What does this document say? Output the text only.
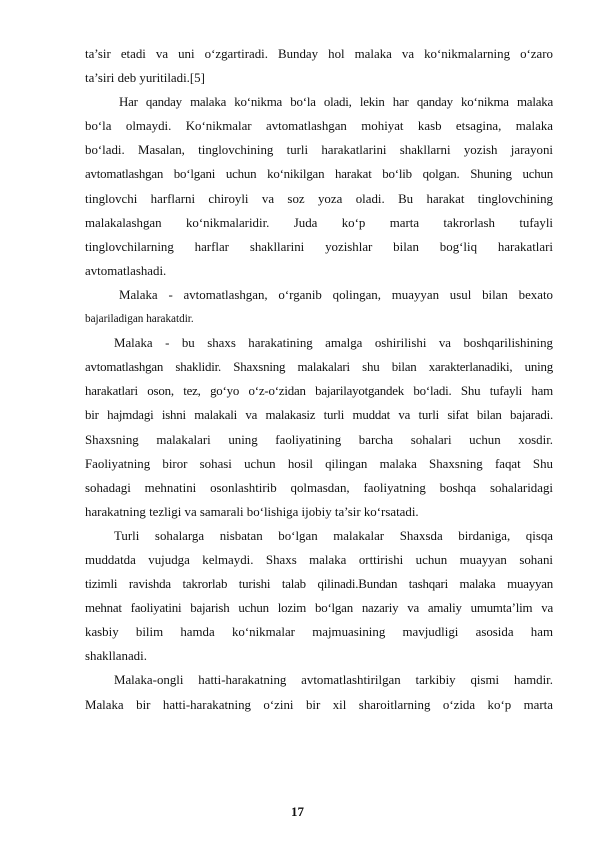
ta’sir etadi va uni o‘zgartiradi. Bunday hol malaka va ko‘nikmalarning o‘zaro
ta’siri deb yuritiladi.[5]
Har qanday malaka ko‘nikma bo‘la oladi, lekin har qanday ko‘nikma malaka
bo‘la olmaydi. Ko‘nikmalar avtomatlashgan mohiyat kasb etsagina, malaka
bo‘ladi. Masalan, tinglovchining turli harakatlarini shakllarni yozish jarayoni
avtomatlashgan bo‘lgani uchun ko‘nikilgan harakat bo‘lib qolgan. Shuning uchun
tinglovchi harflarni chiroyli va soz yoza oladi. Bu harakat tinglovchining
malakalashgan ko‘nikmalaridir. Juda ko‘p marta takrorlash tufayli
tinglovchilarning harflar shakllarini yozishlar bilan bog‘liq harakatlari
avtomatlashadi.
Malaka - avtomatlashgan, o‘rganib qolingan, muayyan usul bilan bexato
bajariladigan harakatdir.
Malaka - bu shaxs harakatining amalga oshirilishi va boshqarilishining
avtomatlashgan shaklidir. Shaxsning malakalari shu bilan xarakterlanadiki, uning
harakatlari oson, tez, go‘yo o‘z-o‘zidan bajarilayotgandek bo‘ladi. Shu tufayli ham
bir hajmdagi ishni malakali va malakasiz turli muddat va turli sifat bilan bajaradi.
Shaxsning malakalari uning faoliyatining barcha sohalari uchun xosdir.
Faoliyatning biror sohasi uchun hosil qilingan malaka Shaxsning faqat Shu
sohadagi mehnatini osonlashtirib qolmasdan, faoliyatning boshqa sohalaridagi
harakatning tezligi va samarali bo‘lishiga ijobiy ta’sir ko‘rsatadi.
Turli sohalarga nisbatan bo‘lgan malakalar Shaxsda birdaniga, qisqa
muddatda vujudga kelmaydi. Shaxs malaka orttirishi uchun muayyan sohani
tizimli ravishda takrorlab turishi talab qilinadi.Bundan tashqari malaka muayyan
mehnat faoliyatini bajarish uchun lozim bo‘lgan nazariy va amaliy umumta’lim va
kasbiy bilim hamda ko‘nikmalar majmuasining mavjudligi asosida ham
shakllanadi.
Malaka-ongli hatti-harakatning avtomatlashtirilgan tarkibiy qismi hamdir.
Malaka bir hatti-harakatning o‘zini bir xil sharoitlarning o‘zida ko‘p marta
17
